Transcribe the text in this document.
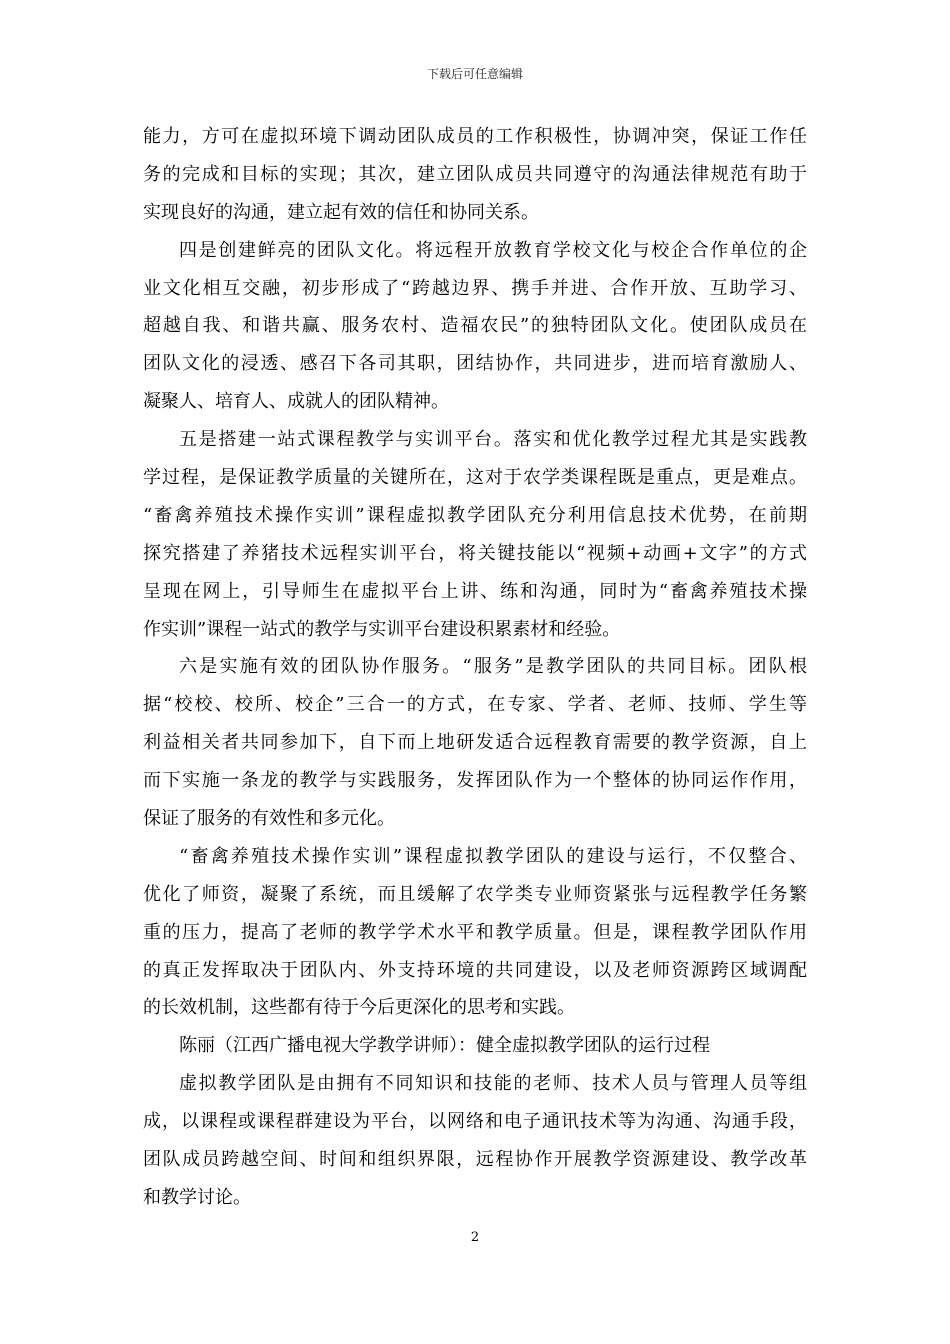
下载后可任意编辑
能力，方可在虚拟环境下调动团队成员的工作积极性，协调冲突，保证工作任
务的完成和目标的实现；其次，建立团队成员共同遵守的沟通法律规范有助于
实现良好的沟通，建立起有效的信任和协同关系。
四是创建鲜亮的团队文化。将远程开放教育学校文化与校企合作单位的企
业文化相互交融，初步形成了“跨越边界、携手并进、合作开放、互助学习、
超越自我、和谐共赢、服务农村、造福农民”的独特团队文化。使团队成员在
团队文化的浸透、感召下各司其职，团结协作，共同进步，进而培育激励人、
凝聚人、培育人、成就人的团队精神。
五是搭建一站式课程教学与实训平台。落实和优化教学过程尤其是实践教
学过程，是保证教学质量的关键所在，这对于农学类课程既是重点，更是难点。
“畜禽养殖技术操作实训”课程虚拟教学团队充分利用信息技术优势，在前期
探究搭建了养猪技术远程实训平台，将关键技能以“视频+动画+文字”的方式
呈现在网上，引导师生在虚拟平台上讲、练和沟通，同时为“畜禽养殖技术操
作实训”课程一站式的教学与实训平台建设积累素材和经验。
六是实施有效的团队协作服务。“服务”是教学团队的共同目标。团队根
据“校校、校所、校企”三合一的方式，在专家、学者、老师、技师、学生等
利益相关者共同参加下，自下而上地研发适合远程教育需要的教学资源，自上
而下实施一条龙的教学与实践服务，发挥团队作为一个整体的协同运作作用，
保证了服务的有效性和多元化。
“畜禽养殖技术操作实训”课程虚拟教学团队的建设与运行，不仅整合、
优化了师资，凝聚了系统，而且缓解了农学类专业师资紧张与远程教学任务繁
重的压力，提高了老师的教学学术水平和教学质量。但是，课程教学团队作用
的真正发挥取决于团队内、外支持环境的共同建设，以及老师资源跨区域调配
的长效机制，这些都有待于今后更深化的思考和实践。
陈丽（江西广播电视大学教学讲师）：健全虚拟教学团队的运行过程
虚拟教学团队是由拥有不同知识和技能的老师、技术人员与管理人员等组
成，以课程或课程群建设为平台，以网络和电子通讯技术等为沟通、沟通手段，
团队成员跨越空间、时间和组织界限，远程协作开展教学资源建设、教学改革
和教学讨论。
2
